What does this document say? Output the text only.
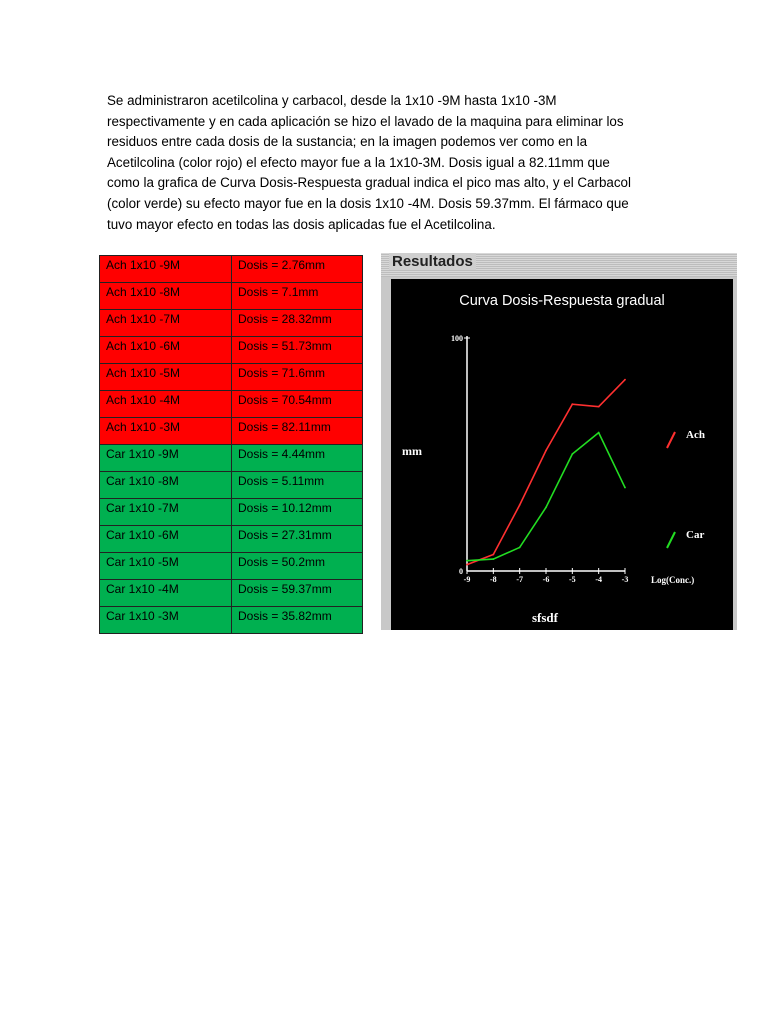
Se administraron acetilcolina y carbacol, desde la 1x10 -9M hasta 1x10 -3M
respectivamente y en cada aplicación se hizo el lavado de la maquina para eliminar los
residuos entre cada dosis de la sustancia; en la imagen podemos ver como en la
Acetilcolina (color rojo) el efecto mayor fue a la 1x10-3M. Dosis igual a 82.11mm que
como la grafica de Curva Dosis-Respuesta gradual indica el pico mas alto, y el Carbacol
(color verde) su efecto mayor fue en la dosis 1x10 -4M. Dosis 59.37mm. El fármaco que
tuvo mayor efecto en todas las dosis aplicadas fue el Acetilcolina.
Ach 1x10 -9M	Dosis = 2.76mm
Ach 1x10 -8M	Dosis = 7.1mm
Ach 1x10 -7M	Dosis = 28.32mm
Ach 1x10 -6M	Dosis = 51.73mm
Ach 1x10 -5M	Dosis = 71.6mm
Ach 1x10 -4M	Dosis = 70.54mm
Ach 1x10 -3M	Dosis = 82.11mm
Car 1x10 -9M	Dosis = 4.44mm
Car 1x10 -8M	Dosis = 5.11mm
Car 1x10 -7M	Dosis = 10.12mm
Car 1x10 -6M	Dosis = 27.31mm
Car 1x10 -5M	Dosis = 50.2mm
Car 1x10 -4M	Dosis = 59.37mm
Car 1x10 -3M	Dosis = 35.82mm
Resultados
Curva Dosis-Respuesta gradual
mm
Log(Conc.)
sfsdf
0
100
-9 -8 -7 -6 -5 -4 -3
Ach
Car
